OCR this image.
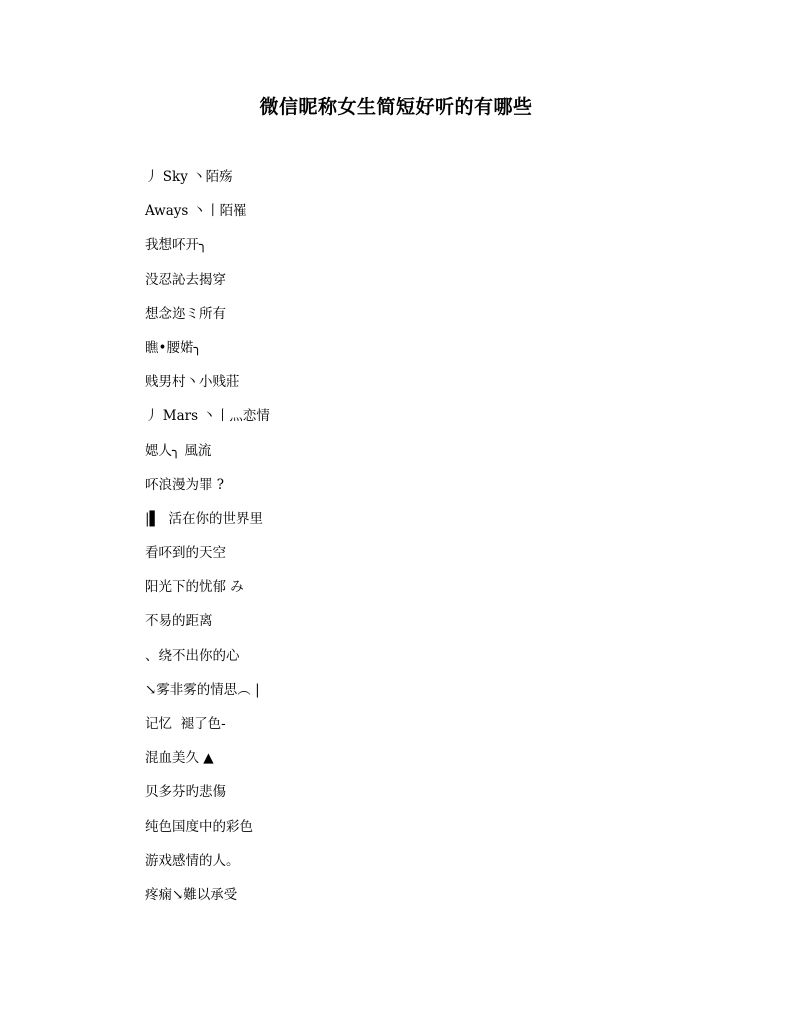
微信昵称女生简短好听的有哪些
丿 Sky 丶陌殇
Aways 丶丨陌罹
我想吥开╮
没忍訫去揭穿
想念迩ミ所有
瞧•腰婼╮
贱男村丶小贱莊
丿 Mars 丶丨灬恋情
媤人╮ 風流
吥浪漫为罪 ?
|▌  活在你的世界里
看吥到的天空
阳光下的忧郁 み
不易的距离
、绕不出你的心
↘雾非雾的情思︵ |
记忆  褪了色-
混血美久 ▲
贝多芬旳悲傷
纯色国度中的彩色
游戏感情的人。
疼痫↘難以承受
